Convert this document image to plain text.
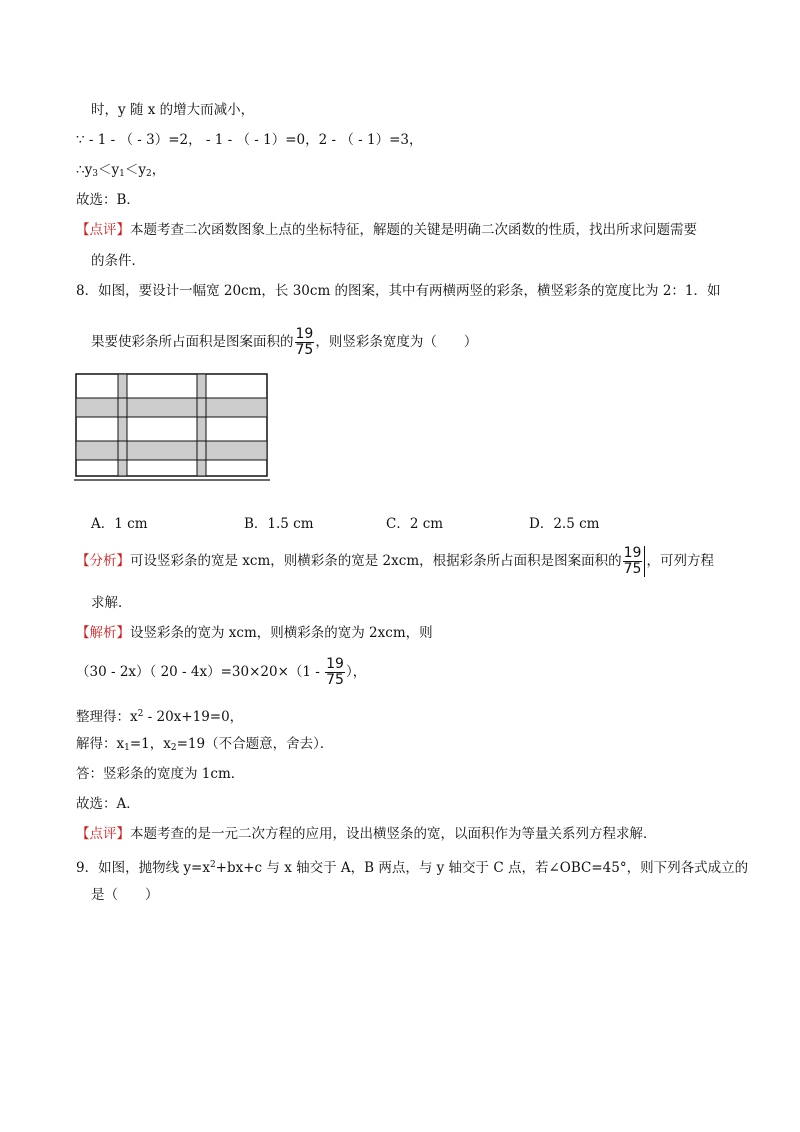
时，y 随 x 的增大而减小，
∵ - 1 - （ - 3）=2， - 1 - （ - 1）=0，2 - （ - 1）=3，
$\therefore y_3<y_1<y_2$，
故选：B．
【点评】本题考查二次函数图象上点的坐标特征，解题的关键是明确二次函数的性质，找出所求问题需要
的条件．
8．如图，要设计一幅宽 20cm，长 30cm 的图案，其中有两横两竖的彩条，横竖彩条的宽度比为 2：1．如
果要使彩条所占面积是图案面积的 $\frac{19}{75}$ ，则竖彩条宽度为（　　）
A．1 cm	B．1.5 cm	C．2 cm	D．2.5 cm
【分析】可设竖彩条的宽是 xcm，则横彩条的宽是 2xcm，根据彩条所占面积是图案面积的 $\frac{19}{75}$ ，可列方程
求解．
【解析】设竖彩条的宽为 xcm，则横彩条的宽为 2xcm，则
（30 - 2x）（ $20 - 4x)=30\times 20\times(1 - \frac{19}{75}$ ），
整理得：$x^2 - 20x+19=0$，
解得：$x_1=1$，$x_2=19$（不合题意，舍去）．
答：竖彩条的宽度为 1cm．
故选：A．
【点评】本题考查的是一元二次方程的应用，设出横竖条的宽，以面积作为等量关系列方程求解．
9．如图，抛物线 $y=x^2+bx+c$ 与 x 轴交于 A，B 两点，与 y 轴交于 C 点，若∠OBC=45°，则下列各式成立的
是（　　）
